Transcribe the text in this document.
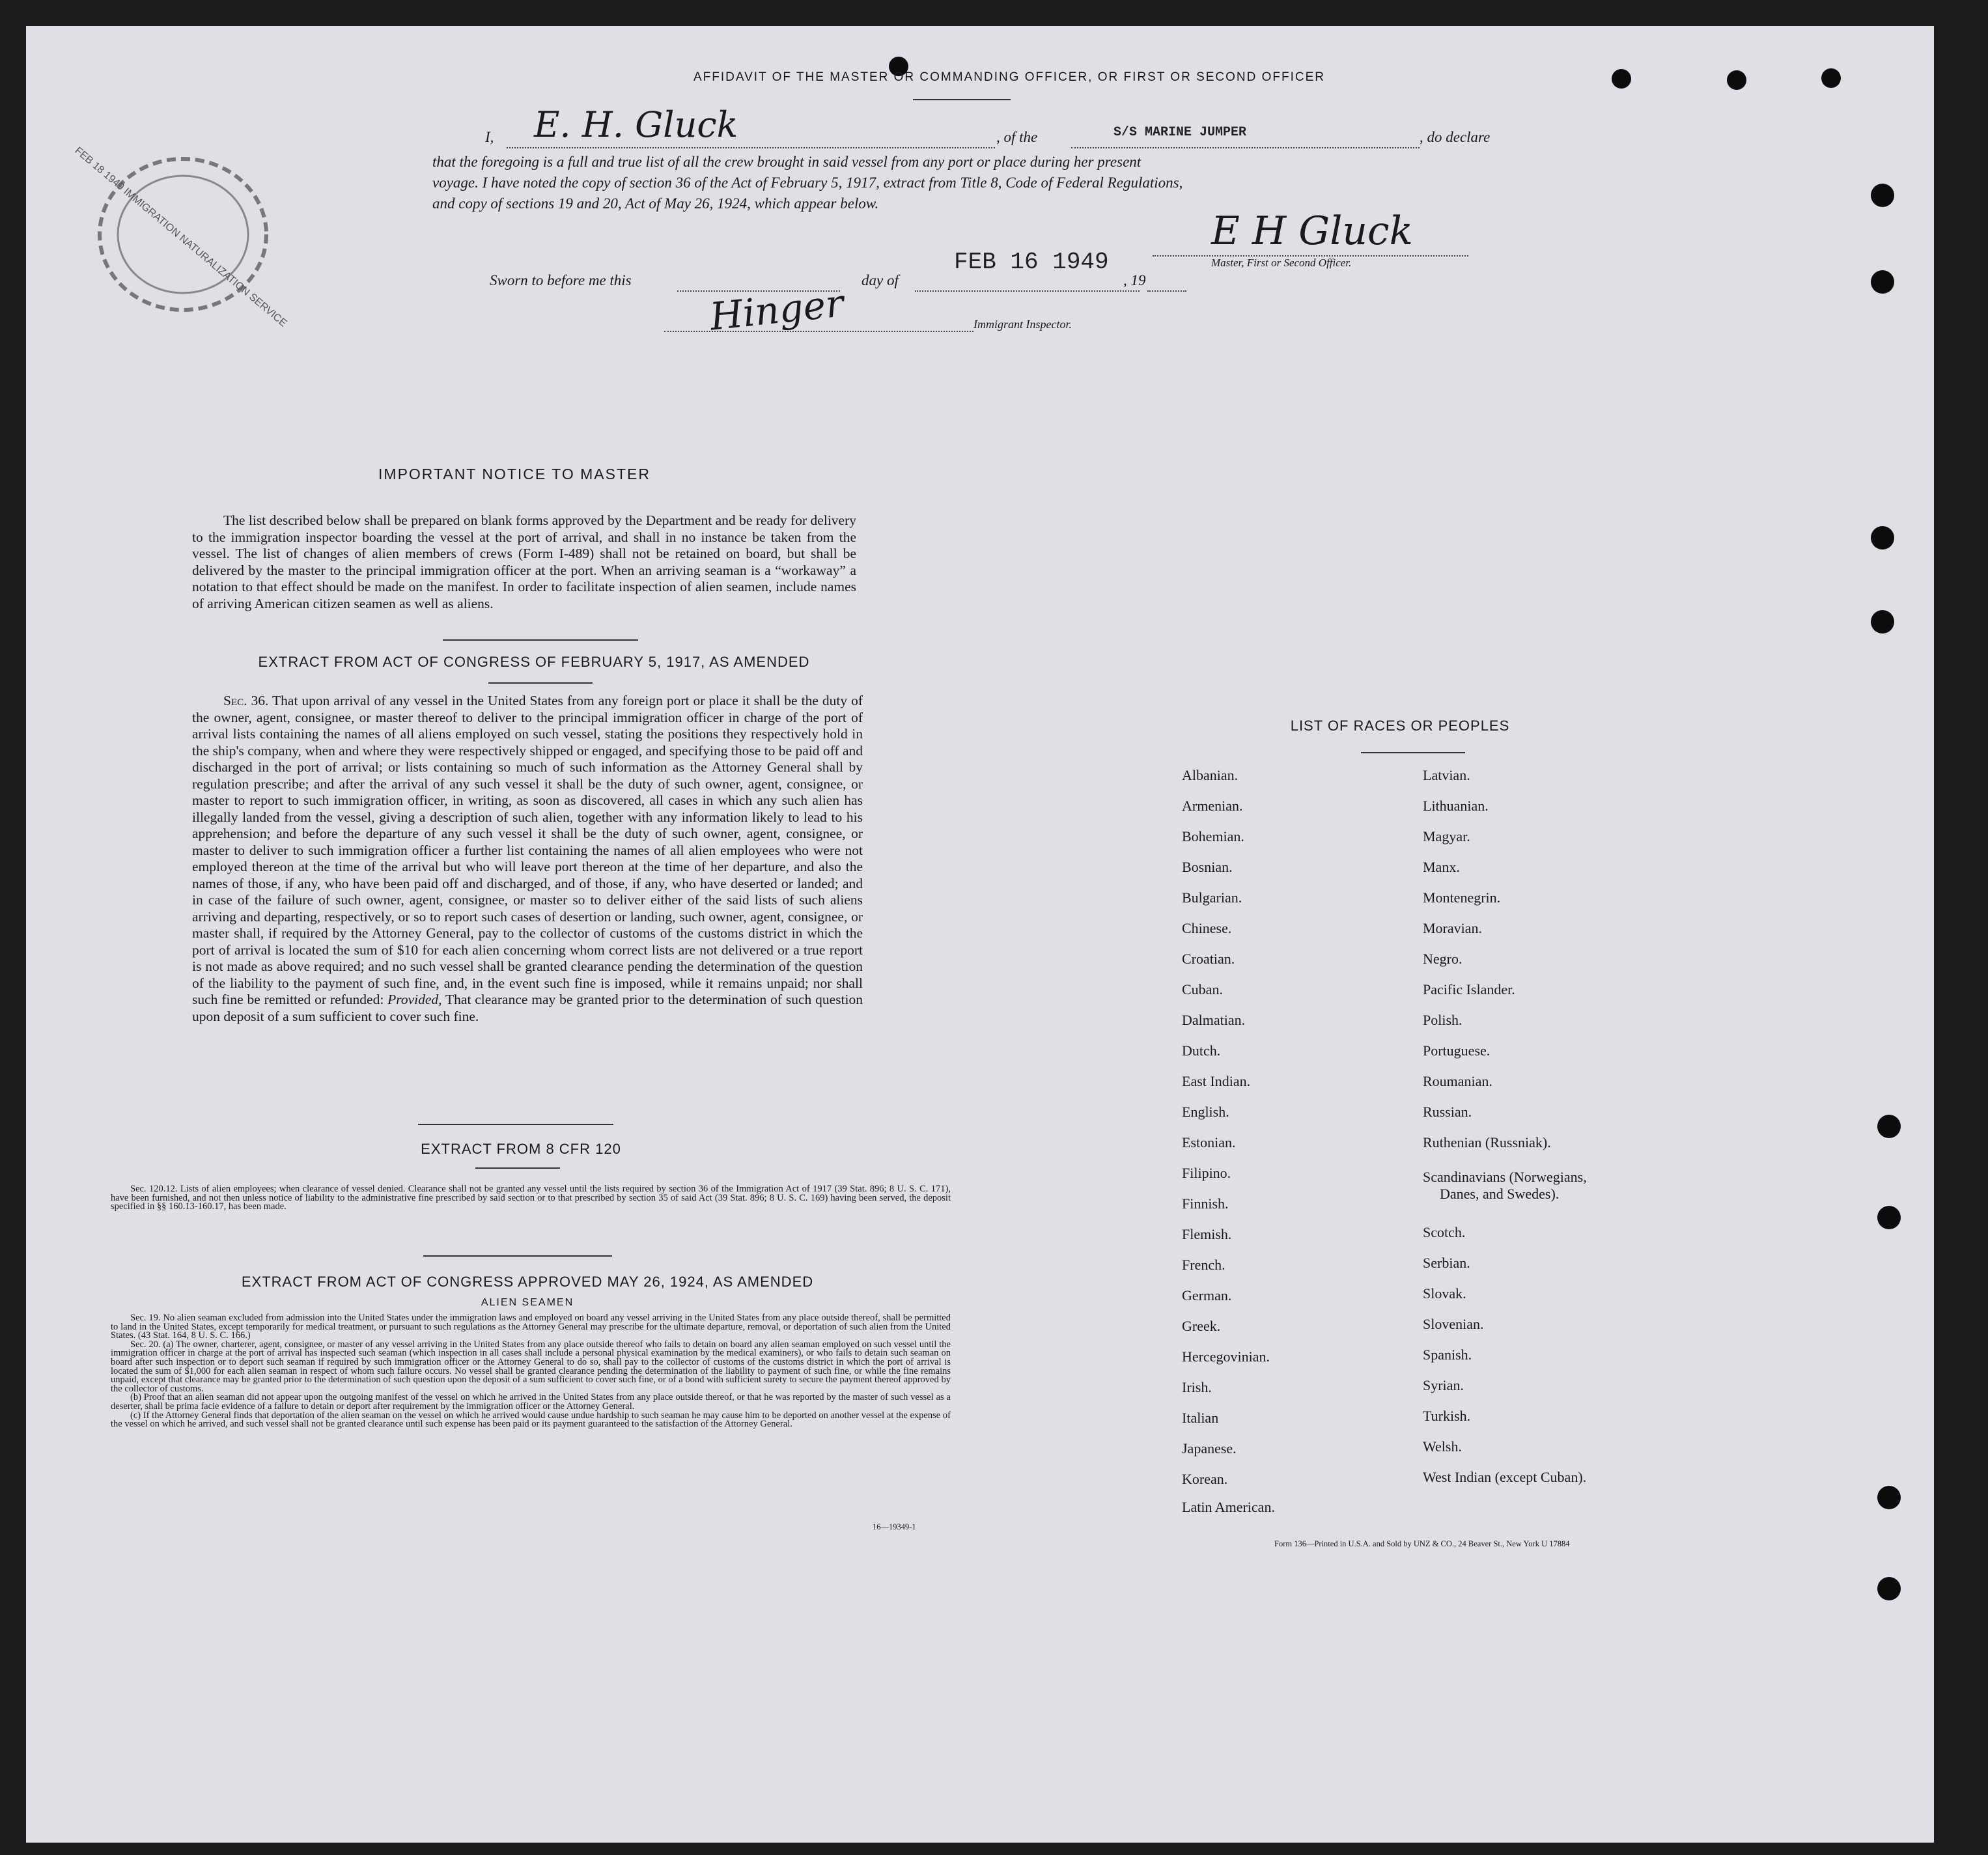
AFFIDAVIT OF THE MASTER OR COMMANDING OFFICER, OR FIRST OR SECOND OFFICER
FEB 18 1949 IMMIGRATION NATURALIZATION SERVICE
I, E. H. Gluck	, of the	S/S MARINE JUMPER	, do declare
that the foregoing is a full and true list of all the crew brought in said vessel from any port or place during her present
voyage. I have noted the copy of section 36 of the Act of February 5, 1917, extract from Title 8, Code of Federal Regulations,
and copy of sections 19 and 20, Act of May 26, 1924, which appear below.
Sworn to before me this	day of
FEB 16 1949
, 19
E H Gluck
Master, First or Second Officer.
Hinger	Immigrant Inspector.
IMPORTANT NOTICE TO MASTER

The list described below shall be prepared on blank forms approved by the Department and be ready for delivery to the immigration inspector boarding the vessel at the port of arrival, and shall in no instance be taken from the vessel. The list of changes of alien members of crews (Form I-489) shall not be retained on board, but shall be delivered by the master to the principal immigration officer at the port. When an arriving seaman is a “workaway” a notation to that effect should be made on the manifest. In order to facilitate inspection of alien seamen, include names of arriving American citizen seamen as well as aliens.

EXTRACT FROM ACT OF CONGRESS OF FEBRUARY 5, 1917, AS AMENDED

Sec. 36. That upon arrival of any vessel in the United States from any foreign port or place it shall be the duty of the owner, agent, consignee, or master thereof to deliver to the principal immigration officer in charge of the port of arrival lists containing the names of all aliens employed on such vessel, stating the positions they respectively hold in the ship's company, when and where they were respectively shipped or engaged, and specifying those to be paid off and discharged in the port of arrival; or lists containing so much of such information as the Attorney General shall by regulation prescribe; and after the arrival of any such vessel it shall be the duty of such owner, agent, consignee, or master to report to such immigration officer, in writing, as soon as discovered, all cases in which any such alien has illegally landed from the vessel, giving a description of such alien, together with any information likely to lead to his apprehension; and before the departure of any such vessel it shall be the duty of such owner, agent, consignee, or master to deliver to such immigration officer a further list containing the names of all alien employees who were not employed thereon at the time of the arrival but who will leave port thereon at the time of her departure, and also the names of those, if any, who have been paid off and discharged, and of those, if any, who have deserted or landed; and in case of the failure of such owner, agent, consignee, or master so to deliver either of the said lists of such aliens arriving and departing, respectively, or so to report such cases of desertion or landing, such owner, agent, consignee, or master shall, if required by the Attorney General, pay to the collector of customs of the customs district in which the port of arrival is located the sum of $10 for each alien concerning whom correct lists are not delivered or a true report is not made as above required; and no such vessel shall be granted clearance pending the determination of the question of the liability to the payment of such fine, and, in the event such fine is imposed, while it remains unpaid; nor shall such fine be remitted or refunded: Provided, That clearance may be granted prior to the determination of such question upon deposit of a sum sufficient to cover such fine.

EXTRACT FROM 8 CFR 120

Sec. 120.12. Lists of alien employees; when clearance of vessel denied. Clearance shall not be granted any vessel until the lists required by section 36 of the Immigration Act of 1917 (39 Stat. 896; 8 U. S. C. 171), have been furnished, and not then unless notice of liability to the administrative fine prescribed by said section or to that prescribed by section 35 of said Act (39 Stat. 896; 8 U. S. C. 169) having been served, the deposit specified in §§ 160.13-160.17, has been made.

EXTRACT FROM ACT OF CONGRESS APPROVED MAY 26, 1924, AS AMENDED
ALIEN SEAMEN

Sec. 19. No alien seaman excluded from admission into the United States under the immigration laws and employed on board any vessel arriving in the United States from any place outside thereof, shall be permitted to land in the United States, except temporarily for medical treatment, or pursuant to such regulations as the Attorney General may prescribe for the ultimate departure, removal, or deportation of such alien from the United States. (43 Stat. 164, 8 U. S. C. 166.)

Sec. 20. (a) The owner, charterer, agent, consignee, or master of any vessel arriving in the United States from any place outside thereof who fails to detain on board any alien seaman employed on such vessel until the immigration officer in charge at the port of arrival has inspected such seaman (which inspection in all cases shall include a personal physical examination by the medical examiners), or who fails to detain such seaman on board after such inspection or to deport such seaman if required by such immigration officer or the Attorney General to do so, shall pay to the collector of customs of the customs district in which the port of arrival is located the sum of $1,000 for each alien seaman in respect of whom such failure occurs. No vessel shall be granted clearance pending the determination of the liability to payment of such fine, or while the fine remains unpaid, except that clearance may be granted prior to the determination of such question upon the deposit of a sum sufficient to cover such fine, or of a bond with sufficient surety to secure the payment thereof approved by the collector of customs.

(b) Proof that an alien seaman did not appear upon the outgoing manifest of the vessel on which he arrived in the United States from any place outside thereof, or that he was reported by the master of such vessel as a deserter, shall be prima facie evidence of a failure to detain or deport after requirement by the immigration officer or the Attorney General.

(c) If the Attorney General finds that deportation of the alien seaman on the vessel on which he arrived would cause undue hardship to such seaman he may cause him to be deported on another vessel at the expense of the vessel on which he arrived, and such vessel shall not be granted clearance until such expense has been paid or its payment guaranteed to the satisfaction of the Attorney General.

16—19349-1
LIST OF RACES OR PEOPLES
Albanian.
Armenian.
Bohemian.
Bosnian.
Bulgarian.
Chinese.
Croatian.
Cuban.
Dalmatian.
Dutch.
East Indian.
English.
Estonian.
Filipino.
Finnish.
Flemish.
French.
German.
Greek.
Hercegovinian.
Irish.
Italian
Japanese.
Korean.
Latin American.
Latvian.
Lithuanian.
Magyar.
Manx.
Montenegrin.
Moravian.
Negro.
Pacific Islander.
Polish.
Portuguese.
Roumanian.
Russian.
Ruthenian (Russniak).
Scandinavians (Norwegians,
Danes, and Swedes).
Scotch.
Serbian.
Slovak.
Slovenian.
Spanish.
Syrian.
Turkish.
Welsh.
West Indian (except Cuban).
Form 136—Printed in U.S.A. and Sold by UNZ & CO., 24 Beaver St., New York U 17884
